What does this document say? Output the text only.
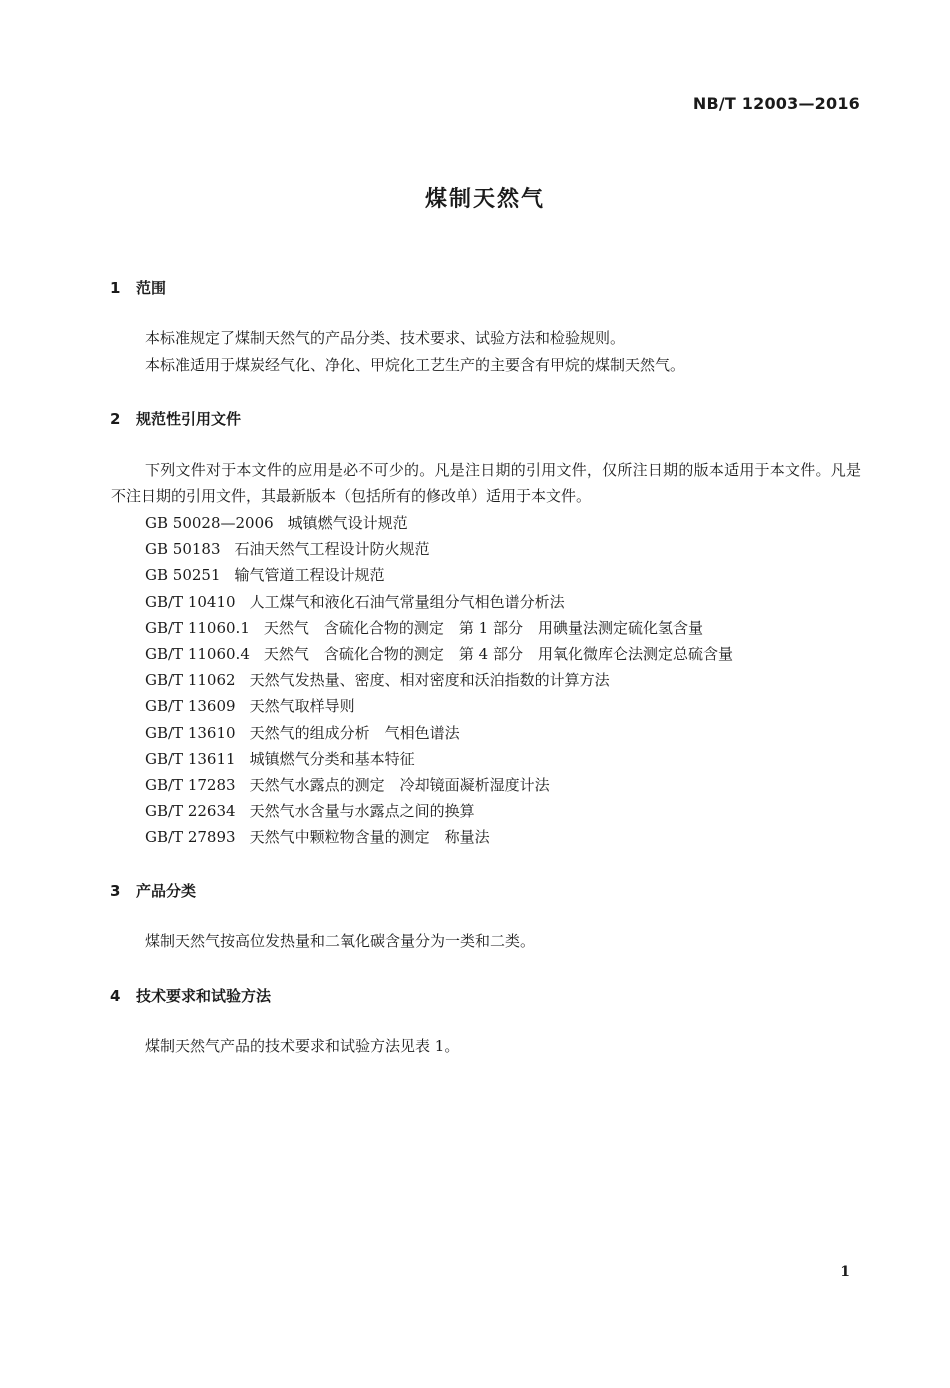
NB/T 12003—2016
煤制天然气
1 范围
本标准规定了煤制天然气的产品分类、技术要求、试验方法和检验规则。
本标准适用于煤炭经气化、净化、甲烷化工艺生产的主要含有甲烷的煤制天然气。
2 规范性引用文件
下列文件对于本文件的应用是必不可少的。凡是注日期的引用文件，仅所注日期的版本适用于本文件。凡是不注日期的引用文件，其最新版本（包括所有的修改单）适用于本文件。
GB 50028—2006 城镇燃气设计规范
GB 50183 石油天然气工程设计防火规范
GB 50251 输气管道工程设计规范
GB/T 10410 人工煤气和液化石油气常量组分气相色谱分析法
GB/T 11060.1 天然气　含硫化合物的测定　第 1 部分　用碘量法测定硫化氢含量
GB/T 11060.4 天然气　含硫化合物的测定　第 4 部分　用氧化微库仑法测定总硫含量
GB/T 11062 天然气发热量、密度、相对密度和沃泊指数的计算方法
GB/T 13609 天然气取样导则
GB/T 13610 天然气的组成分析　气相色谱法
GB/T 13611 城镇燃气分类和基本特征
GB/T 17283 天然气水露点的测定　冷却镜面凝析湿度计法
GB/T 22634 天然气水含量与水露点之间的换算
GB/T 27893 天然气中颗粒物含量的测定　称量法
3 产品分类
煤制天然气按高位发热量和二氧化碳含量分为一类和二类。
4 技术要求和试验方法
煤制天然气产品的技术要求和试验方法见表 1。
1
